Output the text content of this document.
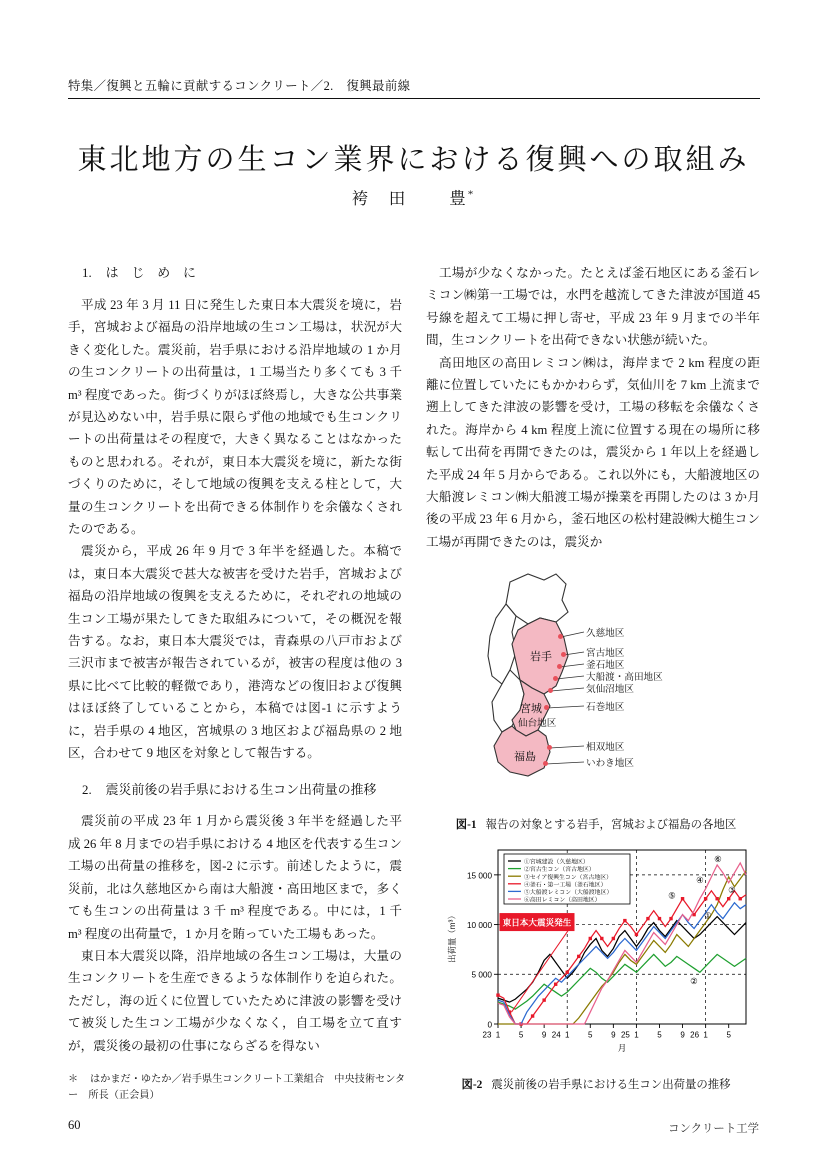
特集／復興と五輪に貢献するコンクリート／2.　復興最前線
東北地方の生コン業界における復興への取組み
袴　田	豊*
1. は　じ　め　に

平成 23 年 3 月 11 日に発生した東日本大震災を境に，岩手，宮城および福島の沿岸地域の生コン工場は，状況が大きく変化した。震災前，岩手県における沿岸地域の 1 か月の生コンクリートの出荷量は，1 工場当たり多くても 3 千 m³ 程度であった。街づくりがほぼ終焉し，大きな公共事業が見込めない中，岩手県に限らず他の地域でも生コンクリートの出荷量はその程度で，大きく異なることはなかったものと思われる。それが，東日本大震災を境に，新たな街づくりのために，そして地域の復興を支える柱として，大量の生コンクリートを出荷できる体制作りを余儀なくされたのである。

震災から，平成 26 年 9 月で 3 年半を経過した。本稿では，東日本大震災で甚大な被害を受けた岩手，宮城および福島の沿岸地域の復興を支えるために，それぞれの地域の生コン工場が果たしてきた取組みについて，その概況を報告する。なお，東日本大震災では，青森県の八戸市および三沢市まで被害が報告されているが，被害の程度は他の 3 県に比べて比較的軽微であり，港湾などの復旧および復興はほぼ終了していることから，本稿では図-1 に示すように，岩手県の 4 地区，宮城県の 3 地区および福島県の 2 地区，合わせて 9 地区を対象として報告する。

2. 震災前後の岩手県における生コン出荷量の推移

震災前の平成 23 年 1 月から震災後 3 年半を経過した平成 26 年 8 月までの岩手県における 4 地区を代表する生コン工場の出荷量の推移を，図-2 に示す。前述したように，震災前，北は久慈地区から南は大船渡・高田地区まで，多くても生コンの出荷量は 3 千 m³ 程度である。中には，1 千 m³ 程度の出荷量で，1 か月を賄っていた工場もあった。

東日本大震災以降，沿岸地域の各生コン工場は，大量の生コンクリートを生産できるような体制作りを迫られた。ただし，海の近くに位置していたために津波の影響を受けて被災した生コン工場が少なくなく，自工場を立て直すが，震災後の最初の仕事にならざるを得ない

工場が少なくなかった。たとえば釜石地区にある釜石レミコン㈱第一工場では，水門を越流してきた津波が国道 45 号線を超えて工場に押し寄せ，平成 23 年 9 月までの半年間，生コンクリートを出荷できない状態が続いた。

高田地区の高田レミコン㈱は，海岸まで 2 km 程度の距離に位置していたにもかかわらず，気仙川を 7 km 上流まで遡上してきた津波の影響を受け，工場の移転を余儀なくされた。海岸から 4 km 程度上流に位置する現在の場所に移転して出荷を再開できたのは，震災から 1 年以上を経過した平成 24 年 5 月からである。これ以外にも，大船渡地区の大船渡レミコン㈱大船渡工場が操業を再開したのは 3 か月後の平成 23 年 6 月から，釜石地区の松村建設㈱大槌生コン工場が再開できたのは，震災か

岩手
宮城
福島
久慈地区
宮古地区
釜石地区
大船渡・高田地区
気仙沼地区
石巻地区
仙台地区
相双地区
いわき地区
図-1 報告の対象とする岩手，宮城および福島の各地区
0
5 000
10 000
15 000
1
23	5 9 1
24	5 9 1
25	5 9 1
26	5
出荷量（m³）
月
①宮城建設（久慈地区）
②宮古生コン（宮古地区）
③セイア復興生コン（宮古地区）
④釜石・第一工場（釜石地区）
⑤大船渡レミコン（大船渡地区）
⑥高田レミコン（高田地区）
東日本大震災発生
①
②
③
④
⑤
⑥
図-2 震災前後の岩手県における生コン出荷量の推移
＊ はかまだ・ゆたか／岩手県生コンクリート工業組合　中央技術センター　所長（正会員）
60	コンクリート工学
